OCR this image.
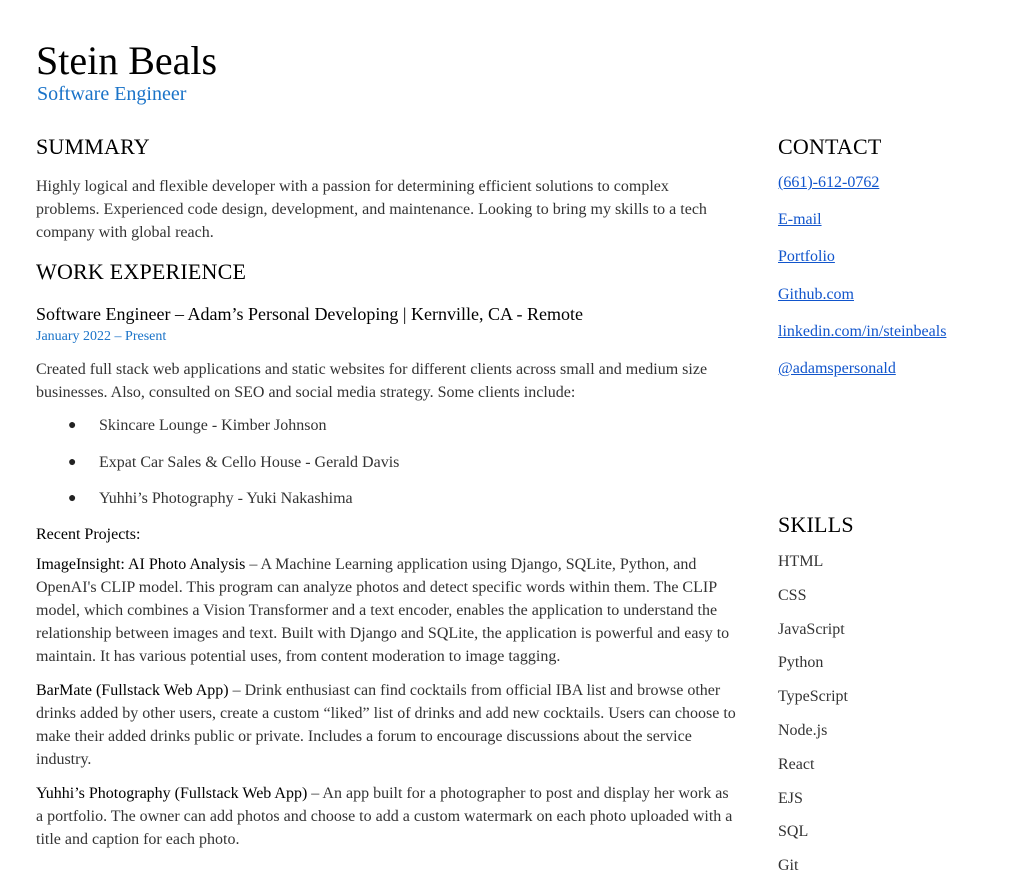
Stein Beals
Software Engineer
SUMMARY

Highly logical and flexible developer with a passion for determining efficient solutions to complex problems. Experienced code design, development, and maintenance. Looking to bring my skills to a tech company with global reach.

WORK EXPERIENCE
Software Engineer – Adam’s Personal Developing | Kernville, CA - Remote
January 2022 – Present

Created full stack web applications and static websites for different clients across small and medium size businesses. Also, consulted on SEO and social media strategy. Some clients include:

● Skincare Lounge - Kimber Johnson
● Expat Car Sales & Cello House - Gerald Davis
● Yuhhi’s Photography - Yuki Nakashima
Recent Projects:

ImageInsight: AI Photo Analysis – A Machine Learning application using Django, SQLite, Python, and OpenAI's CLIP model. This program can analyze photos and detect specific words within them. The CLIP model, which combines a Vision Transformer and a text encoder, enables the application to understand the relationship between images and text. Built with Django and SQLite, the application is powerful and easy to maintain. It has various potential uses, from content moderation to image tagging.

BarMate (Fullstack Web App) – Drink enthusiast can find cocktails from official IBA list and browse other drinks added by other users, create a custom “liked” list of drinks and add new cocktails. Users can choose to make their added drinks public or private. Includes a forum to encourage discussions about the service industry.

Yuhhi’s Photography (Fullstack Web App) – An app built for a photographer to post and display her work as a portfolio. The owner can add photos and choose to add a custom watermark on each photo uploaded with a title and caption for each photo.

CONTACT
(661)-612-0762
E-mail
Portfolio
Github.com
linkedin.com/in/steinbeals
@adamspersonald
SKILLS
HTML
CSS
JavaScript
Python
TypeScript
Node.js
React
EJS
SQL
Git
